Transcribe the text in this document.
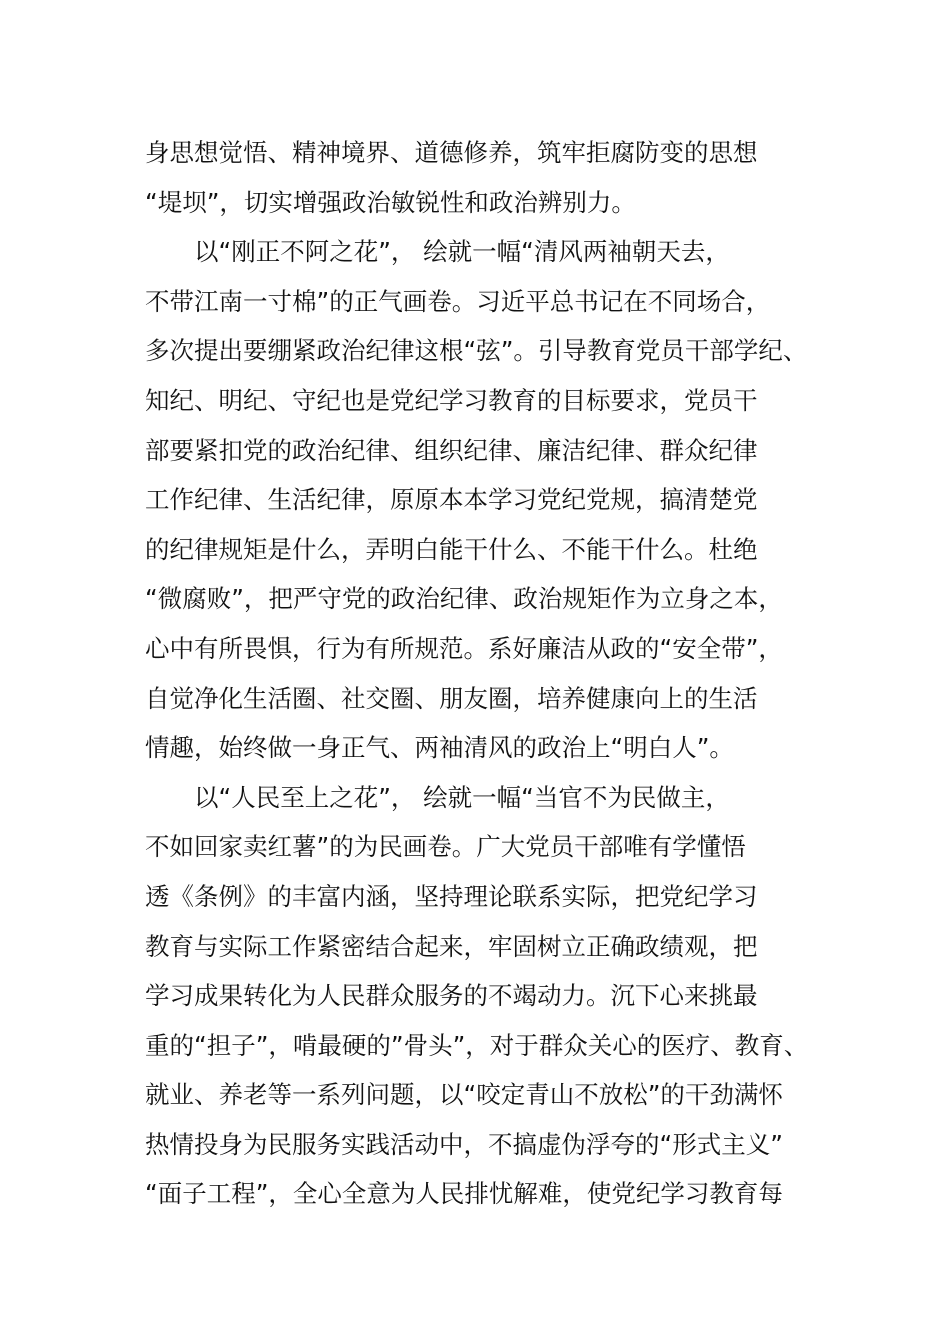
身思想觉悟、精神境界、道德修养，筑牢拒腐防变的思想
“堤坝”，切实增强政治敏锐性和政治辨别力。
以“刚正不阿之花”， 绘就一幅“清风两袖朝天去，
不带江南一寸棉”的正气画卷。习近平总书记在不同场合，
多次提出要绷紧政治纪律这根“弦”。引导教育党员干部学纪、
知纪、明纪、守纪也是党纪学习教育的目标要求，党员干
部要紧扣党的政治纪律、组织纪律、廉洁纪律、群众纪律
工作纪律、生活纪律，原原本本学习党纪党规，搞清楚党
的纪律规矩是什么，弄明白能干什么、不能干什么。杜绝
“微腐败”，把严守党的政治纪律、政治规矩作为立身之本，
心中有所畏惧，行为有所规范。系好廉洁从政的“安全带”，
自觉净化生活圈、社交圈、朋友圈，培养健康向上的生活
情趣，始终做一身正气、两袖清风的政治上“明白人”。
以“人民至上之花”， 绘就一幅“当官不为民做主，
不如回家卖红薯”的为民画卷。广大党员干部唯有学懂悟
透《条例》的丰富内涵，坚持理论联系实际，把党纪学习
教育与实际工作紧密结合起来，牢固树立正确政绩观，把
学习成果转化为人民群众服务的不竭动力。沉下心来挑最
重的“担子”，啃最硬的”骨头”，对于群众关心的医疗、教育、
就业、养老等一系列问题，以“咬定青山不放松”的干劲满怀
热情投身为民服务实践活动中，不搞虚伪浮夸的“形式主义”
“面子工程”，全心全意为人民排忧解难，使党纪学习教育每
